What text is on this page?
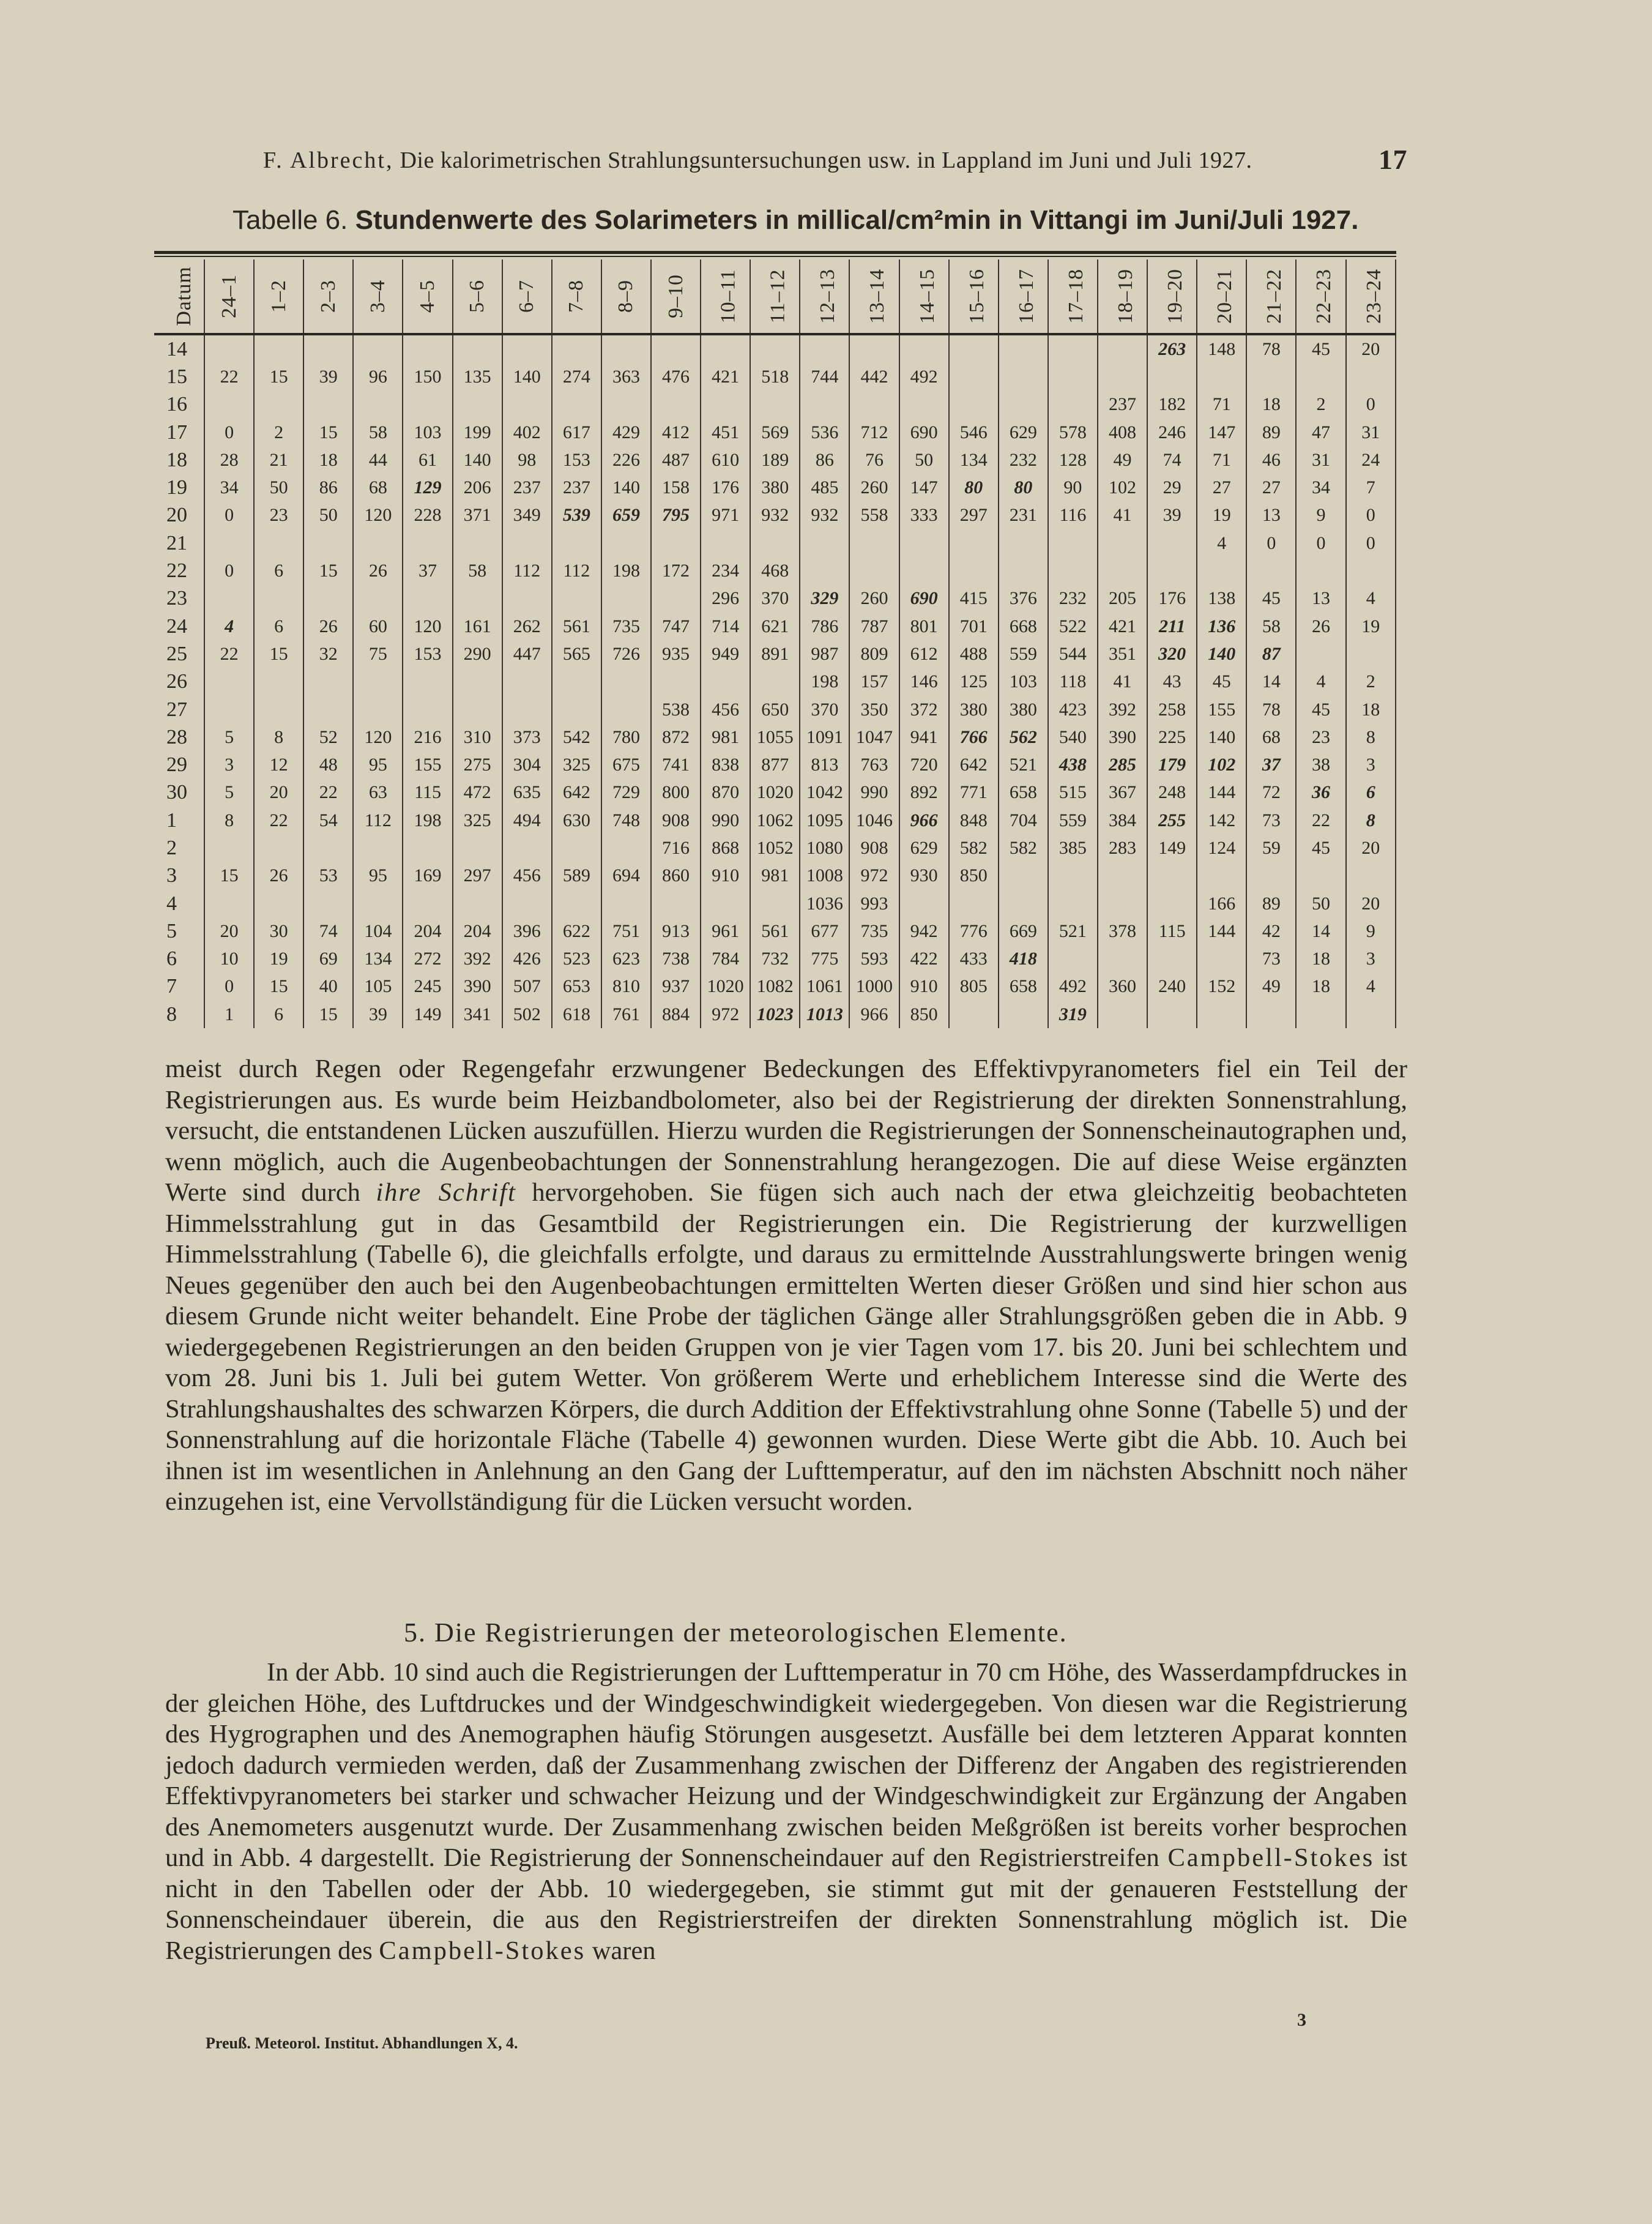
F. Albrecht, Die kalorimetrischen Strahlungsuntersuchungen usw. in Lappland im Juni und Juli 1927.	17
Tabelle 6. Stundenwerte des Solarimeters in millical/cm²min in Vittangi im Juni/Juli 1927.
Datum	24–1	1–2	2–3	3–4	4–5	5–6	6–7	7–8	8–9	9–10	10–11	11–12	12–13	13–14	14–15	15–16	16–17	17–18	18–19	19–20	20–21	21–22	22–23	23–24
14																				263	148	78	45	20
15	22	15	39	96	150	135	140	274	363	476	421	518	744	442	492									
16																			237	182	71	18	2	0
17	0	2	15	58	103	199	402	617	429	412	451	569	536	712	690	546	629	578	408	246	147	89	47	31
18	28	21	18	44	61	140	98	153	226	487	610	189	86	76	50	134	232	128	49	74	71	46	31	24
19	34	50	86	68	129	206	237	237	140	158	176	380	485	260	147	80	80	90	102	29	27	27	34	7
20	0	23	50	120	228	371	349	539	659	795	971	932	932	558	333	297	231	116	41	39	19	13	9	0
21																					4	0	0	0
22	0	6	15	26	37	58	112	112	198	172	234	468												
23											296	370	329	260	690	415	376	232	205	176	138	45	13	4
24	4	6	26	60	120	161	262	561	735	747	714	621	786	787	801	701	668	522	421	211	136	58	26	19
25	22	15	32	75	153	290	447	565	726	935	949	891	987	809	612	488	559	544	351	320	140	87		
26													198	157	146	125	103	118	41	43	45	14	4	2
27										538	456	650	370	350	372	380	380	423	392	258	155	78	45	18
28	5	8	52	120	216	310	373	542	780	872	981	1055	1091	1047	941	766	562	540	390	225	140	68	23	8
29	3	12	48	95	155	275	304	325	675	741	838	877	813	763	720	642	521	438	285	179	102	37	38	3
30	5	20	22	63	115	472	635	642	729	800	870	1020	1042	990	892	771	658	515	367	248	144	72	36	6
1	8	22	54	112	198	325	494	630	748	908	990	1062	1095	1046	966	848	704	559	384	255	142	73	22	8
2										716	868	1052	1080	908	629	582	582	385	283	149	124	59	45	20
3	15	26	53	95	169	297	456	589	694	860	910	981	1008	972	930	850								
4													1036	993							166	89	50	20
5	20	30	74	104	204	204	396	622	751	913	961	561	677	735	942	776	669	521	378	115	144	42	14	9
6	10	19	69	134	272	392	426	523	623	738	784	732	775	593	422	433	418					73	18	3
7	0	15	40	105	245	390	507	653	810	937	1020	1082	1061	1000	910	805	658	492	360	240	152	49	18	4
8	1	6	15	39	149	341	502	618	761	884	972	1023	1013	966	850			319						
meist durch Regen oder Regengefahr erzwungener Bedeckungen des Effektivpyranometers fiel ein Teil der Registrierungen aus. Es wurde beim Heizbandbolometer, also bei der Registrierung der direkten Sonnenstrahlung, versucht, die entstandenen Lücken auszufüllen. Hierzu wurden die Registrierungen der Sonnenscheinautographen und, wenn möglich, auch die Augenbeobachtungen der Sonnenstrahlung herangezogen. Die auf diese Weise ergänzten Werte sind durch ihre Schrift hervorgehoben. Sie fügen sich auch nach der etwa gleichzeitig beobachteten Himmelsstrahlung gut in das Gesamtbild der Registrierungen ein. Die Registrierung der kurzwelligen Himmelsstrahlung (Tabelle 6), die gleichfalls erfolgte, und daraus zu ermittelnde Ausstrahlungswerte bringen wenig Neues gegenüber den auch bei den Augenbeobachtungen ermittelten Werten dieser Größen und sind hier schon aus diesem Grunde nicht weiter behandelt. Eine Probe der täglichen Gänge aller Strahlungsgrößen geben die in Abb. 9 wiedergegebenen Registrierungen an den beiden Gruppen von je vier Tagen vom 17. bis 20. Juni bei schlechtem und vom 28. Juni bis 1. Juli bei gutem Wetter. Von größerem Werte und erheblichem Interesse sind die Werte des Strahlungshaushaltes des schwarzen Körpers, die durch Addition der Effektivstrahlung ohne Sonne (Tabelle 5) und der Sonnenstrahlung auf die horizontale Fläche (Tabelle 4) gewonnen wurden. Diese Werte gibt die Abb. 10. Auch bei ihnen ist im wesentlichen in Anlehnung an den Gang der Lufttemperatur, auf den im nächsten Abschnitt noch näher einzugehen ist, eine Vervollständigung für die Lücken versucht worden.
5. Die Registrierungen der meteorologischen Elemente.
In der Abb. 10 sind auch die Registrierungen der Lufttemperatur in 70 cm Höhe, des Wasserdampfdruckes in der gleichen Höhe, des Luftdruckes und der Windgeschwindigkeit wiedergegeben. Von diesen war die Registrierung des Hygrographen und des Anemographen häufig Störungen ausgesetzt. Ausfälle bei dem letzteren Apparat konnten jedoch dadurch vermieden werden, daß der Zusammenhang zwischen der Differenz der Angaben des registrierenden Effektivpyranometers bei starker und schwacher Heizung und der Windgeschwindigkeit zur Ergänzung der Angaben des Anemometers ausgenutzt wurde. Der Zusammenhang zwischen beiden Meßgrößen ist bereits vorher besprochen und in Abb. 4 dargestellt. Die Registrierung der Sonnenscheindauer auf den Registrierstreifen Campbell-Stokes ist nicht in den Tabellen oder der Abb. 10 wiedergegeben, sie stimmt gut mit der genaueren Feststellung der Sonnenscheindauer überein, die aus den Registrierstreifen der direkten Sonnenstrahlung möglich ist. Die Registrierungen des Campbell-Stokes waren
3
Preuß. Meteorol. Institut. Abhandlungen X, 4.
